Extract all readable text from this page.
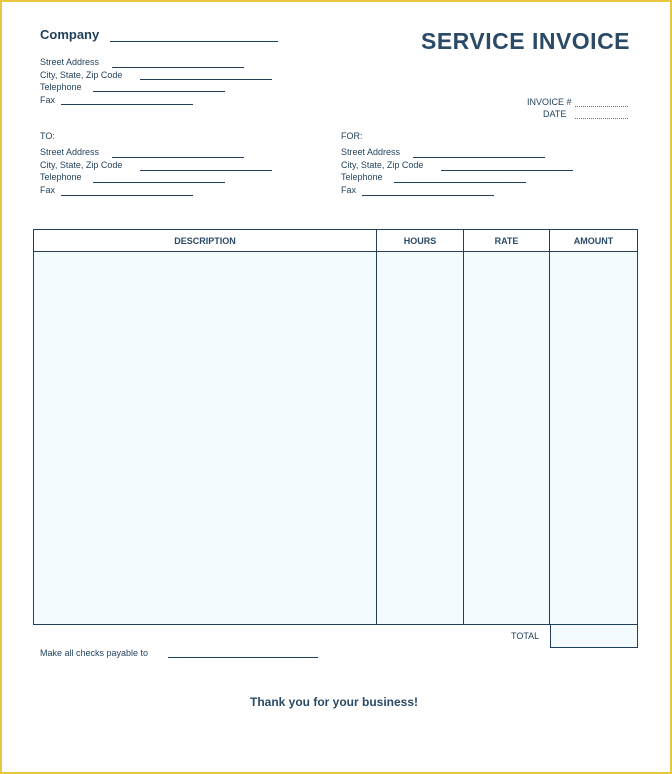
Company	SERVICE INVOICE
Street Address
City, State, Zip Code
Telephone
Fax	INVOICE #
DATE
TO:
Street Address
City, State, Zip Code
Telephone
Fax
FOR:
Street Address
City, State, Zip Code
Telephone
Fax
DESCRIPTION	HOURS	RATE	AMOUNT

TOTAL
Make all checks payable to
Thank you for your business!
